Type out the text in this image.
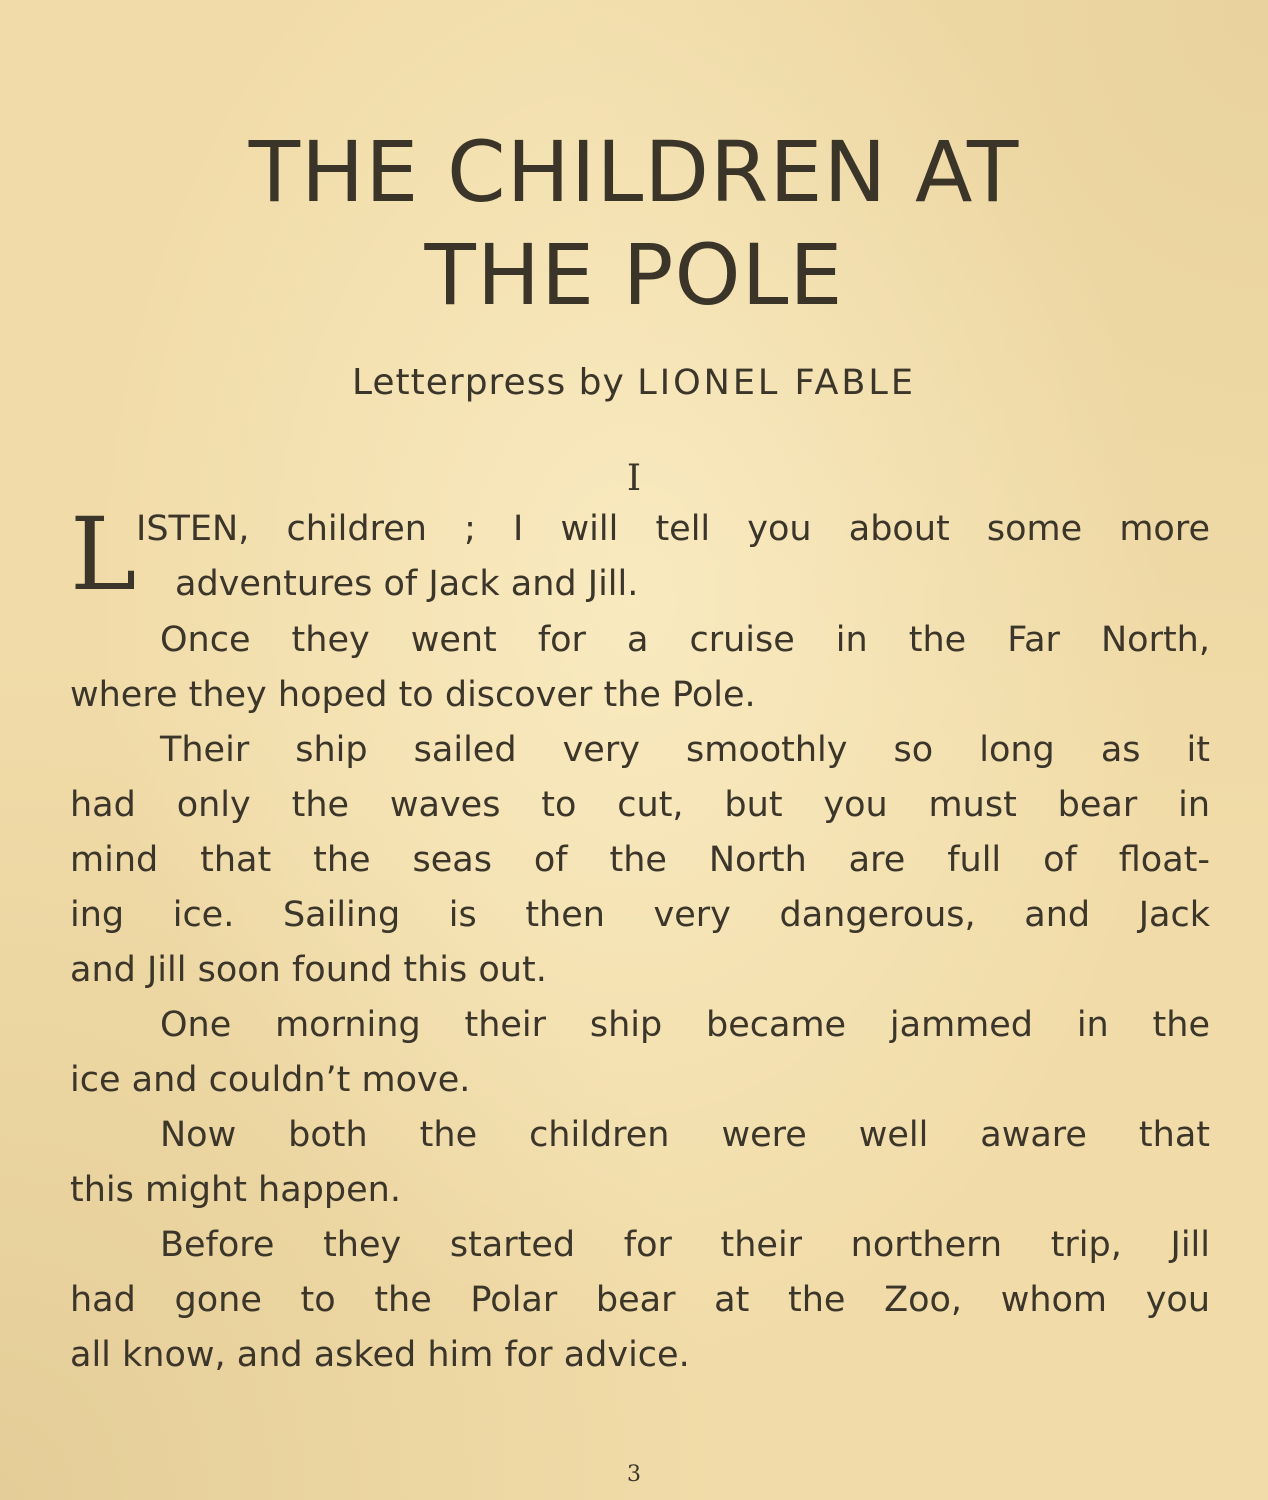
THE CHILDREN AT
THE POLE
Letterpress by LIONEL FABLE
I
L ISTEN, children ; I will tell you about some more
adventures of Jack and Jill.
Once they went for a cruise in the Far North,
where they hoped to discover the Pole.
Their ship sailed very smoothly so long as it
had only the waves to cut, but you must bear in
mind that the seas of the North are full of float-
ing ice. Sailing is then very dangerous, and Jack
and Jill soon found this out.
One morning their ship became jammed in the
ice and couldn’t move.
Now both the children were well aware that
this might happen.
Before they started for their northern trip, Jill
had gone to the Polar bear at the Zoo, whom you
all know, and asked him for advice.
3
